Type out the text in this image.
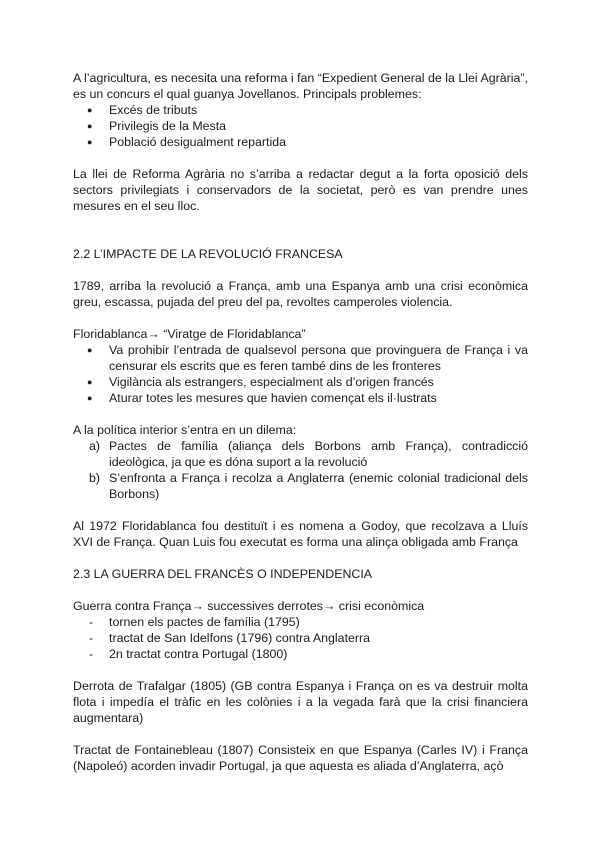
A l’agricultura, es necesita una reforma i fan “Expedient General de la Llei Agrària”, es un concurs el qual guanya Jovellanos. Principals problemes:

● Excés de tributs
● Privilegis de la Mesta
● Població desigualment repartida

La llei de Reforma Agrària no s’arriba a redactar degut a la forta oposició dels sectors privilegiats i conservadors de la societat, però es van prendre unes mesures en el seu lloc.

2.2 L’IMPACTE DE LA REVOLUCIÓ FRANCESA

1789, arriba la revolució a França, amb una Espanya amb una crisi econòmica greu, escassa, pujada del preu del pa, revoltes camperoles violencia.

Floridablanca→ “Viratge de Floridablanca”

● Va prohibir l’entrada de qualsevol persona que provinguera de França i va censurar els escrits que es feren també dins de les fronteres
● Vigilància als estrangers, especialment als d’origen francés
● Aturar totes les mesures que havien començat els il·lustrats

A la política interior s’entra en un dilema:

a) Pactes de família (aliança dels Borbons amb França), contradicció ideològica, ja que es dóna suport a la revolució
b) S’enfronta a França i recolza a Anglaterra (enemic colonial tradicional dels Borbons)

Al 1972 Floridablanca fou destituït i es nomena a Godoy, que recolzava a Lluís XVI de França. Quan Luis fou executat es forma una alinça obligada amb França

2.3 LA GUERRA DEL FRANCÈS O INDEPENDENCIA

Guerra contra França→ successives derrotes→ crisi econòmica

- tornen els pactes de família (1795)
- tractat de San Idelfons (1796) contra Anglaterra
- 2n tractat contra Portugal (1800)

Derrota de Trafalgar (1805) (GB contra Espanya i França on es va destruir molta flota i impedía el tràfic en les colònies i a la vegada farà que la crisi financiera augmentara)

Tractat de Fontainebleau (1807) Consisteix en que Espanya (Carles IV) i França (Napoleó) acorden invadir Portugal, ja que aquesta es aliada d’Anglaterra, açò
